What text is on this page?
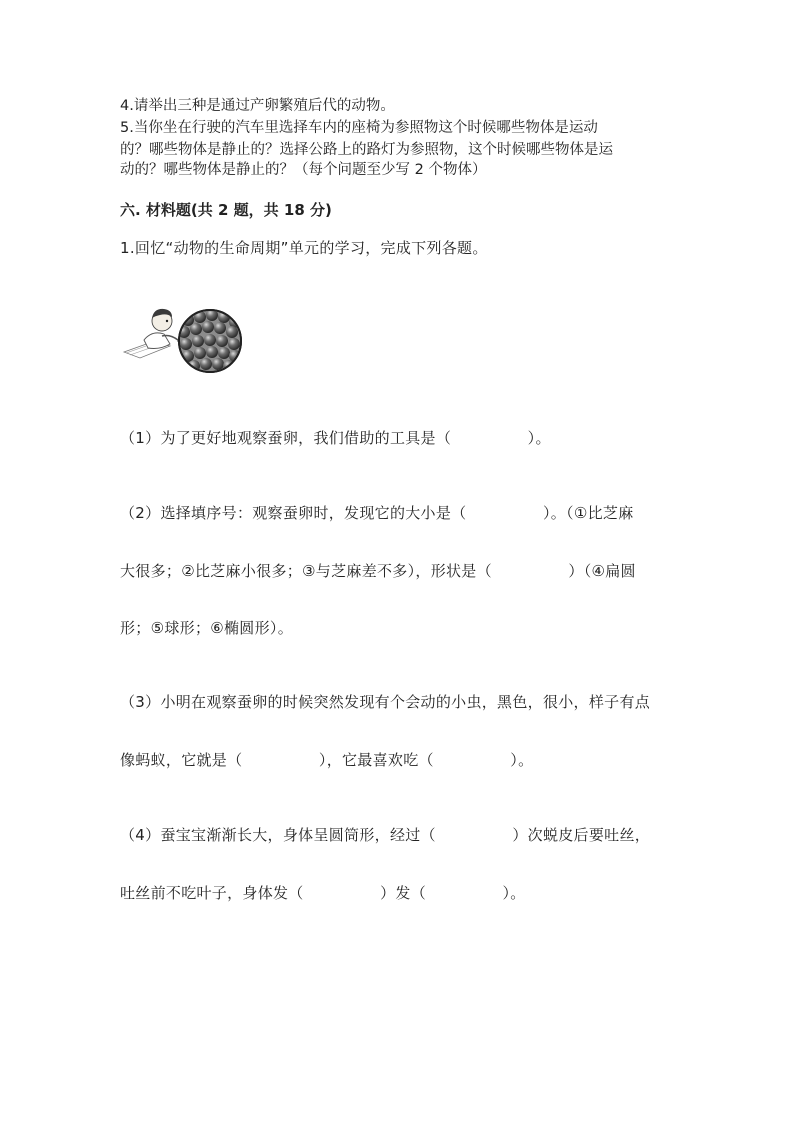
4.请举出三种是通过产卵繁殖后代的动物。
5.当你坐在行驶的汽车里选择车内的座椅为参照物这个时候哪些物体是运动
的？哪些物体是静止的？选择公路上的路灯为参照物，这个时候哪些物体是运
动的？哪些物体是静止的？（每个问题至少写 2 个物体）
六. 材料题(共 2 题，共 18 分)
1.回忆“动物的生命周期”单元的学习，完成下列各题。
（1）为了更好地观察蚕卵，我们借助的工具是（　　　　　）。
（2）选择填序号：观察蚕卵时，发现它的大小是（　　　　　）。（①比芝麻
大很多；②比芝麻小很多；③与芝麻差不多），形状是（　　　　　）（④扁圆
形；⑤球形；⑥椭圆形）。
（3）小明在观察蚕卵的时候突然发现有个会动的小虫，黑色，很小，样子有点
像蚂蚁，它就是（　　　　　），它最喜欢吃（　　　　　）。
（4）蚕宝宝渐渐长大，身体呈圆筒形，经过（　　　　　）次蜕皮后要吐丝，
吐丝前不吃叶子，身体发（　　　　　）发（　　　　　）。
